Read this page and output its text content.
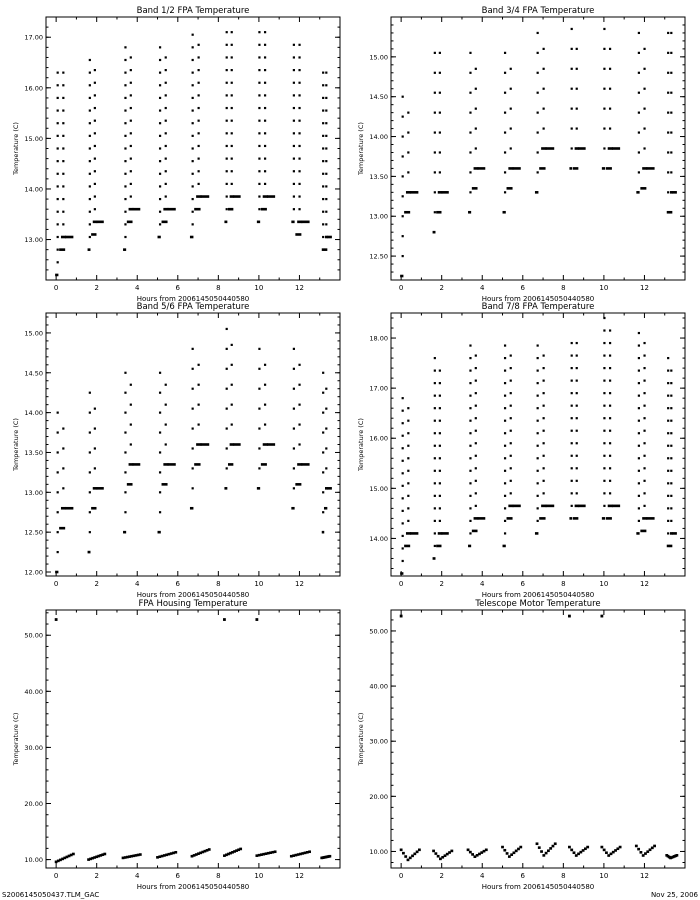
Band 1/2 FPA Temperature
Hours from 2006145050440580
Temperature (C)
0	2	4	6	8	10	12
13.00
14.00
15.00
16.00
17.00
Band 3/4 FPA Temperature
Hours from 2006145050440580
Temperature (C)
0	2	4	6	8	10	12
12.50
13.00
13.50
14.00
14.50
15.00
Band 5/6 FPA Temperature
Hours from 2006145050440580
Temperature (C)
0	2	4	6	8	10	12
12.00
12.50
13.00
13.50
14.00
14.50
15.00
Band 7/8 FPA Temperature
Hours from 2006145050440580
Temperature (C)
0	2	4	6	8	10	12
14.00
15.00
16.00
17.00
18.00
FPA Housing Temperature
Hours from 2006145050440580
Temperature (C)
0	2	4	6	8	10	12
10.00
20.00
30.00
40.00
50.00
Telescope Motor Temperature
Hours from 2006145050440580
Temperature (C)
0	2	4	6	8	10	12
10.00
20.00
30.00
40.00
50.00
S2006145050437.TLM_GAC	Nov 25, 2006
